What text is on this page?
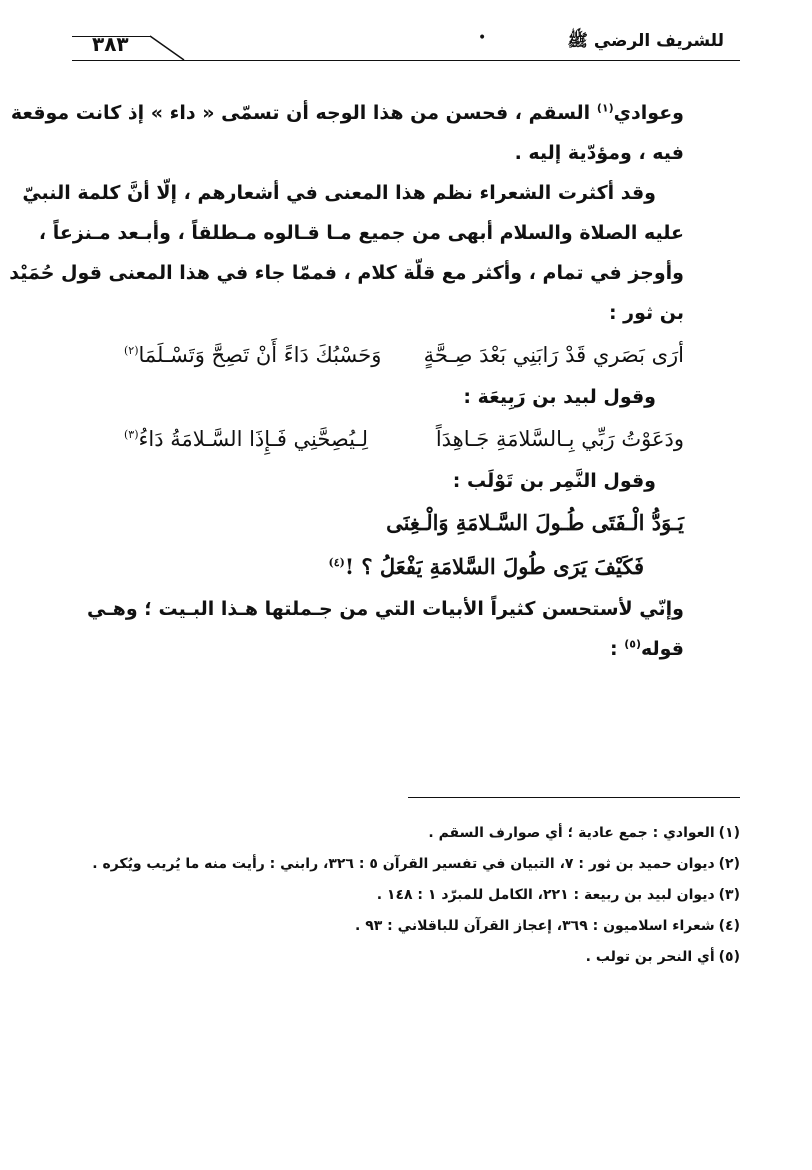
للشريف الرضي ﷺ
•
٣٨٣
وعوادي$^{(١)}$ السقم ، فحسن من هذا الوجه أن تسمّى « داء » إذ كانت موقعة
فيه ، ومؤدّية إليه .
وقد أكثرت الشعراء نظم هذا المعنى في أشعارهم ، إلّا أنَّ كلمة النبيّ
عليه الصلاة والسلام أبهى من جميع مـا قـالوه مـطلقاً ، وأبـعد مـنزعاً ،
وأوجز في تمام ، وأكثر مع قلّة كلام ، فممّا جاء في هذا المعنى قول حُمَيْد
بن ثور :
أرَى بَصَري قَدْ رَابَنِي بَعْدَ صِـحَّةٍ
وَحَسْبُكَ دَاءً أَنْ تَصِحَّ وَتَسْـلَمَا$^{(٢)}$
وقول لبيد بن رَبِيعَة :
ودَعَوْتُ رَبِّي بِـالسَّلامَةِ جَـاهِدَاً
لِـيُصِحَّنِي فَـإِذَا السَّـلامَةُ دَاءُ$^{(٣)}$
وقول النَّمِر بن تَوْلَب :
يَـوَدُّ الْـفَتَى طُـولَ السَّـلامَةِ وَالْـغِنَى
فَكَيْفَ يَرَى طُولَ السَّلامَةِ يَفْعَلُ ؟ !$^{(٤)}$
وإنّي لأستحسن كثيراً الأبيات التي من جـملتها هـذا البـيت ؛ وهـي
قوله$^{(٥)}$ :
(١)العوادي : جمع عادية ؛ أي صوارف السقم .
(٢)ديوان حميد بن ثور : ٧، التبيان في تفسير القرآن ٥ : ٣٢٦، رابني : رأيت منه ما يُريب ويُكره .
(٣)ديوان لبيد بن ربيعة : ٢٢١، الكامل للمبرّد ١ : ١٤٨ .
(٤)شعراء اسلاميون : ٣٦٩، إعجاز القرآن للباقلاني : ٩٣ .
(٥)أي النحر بن تولب .
